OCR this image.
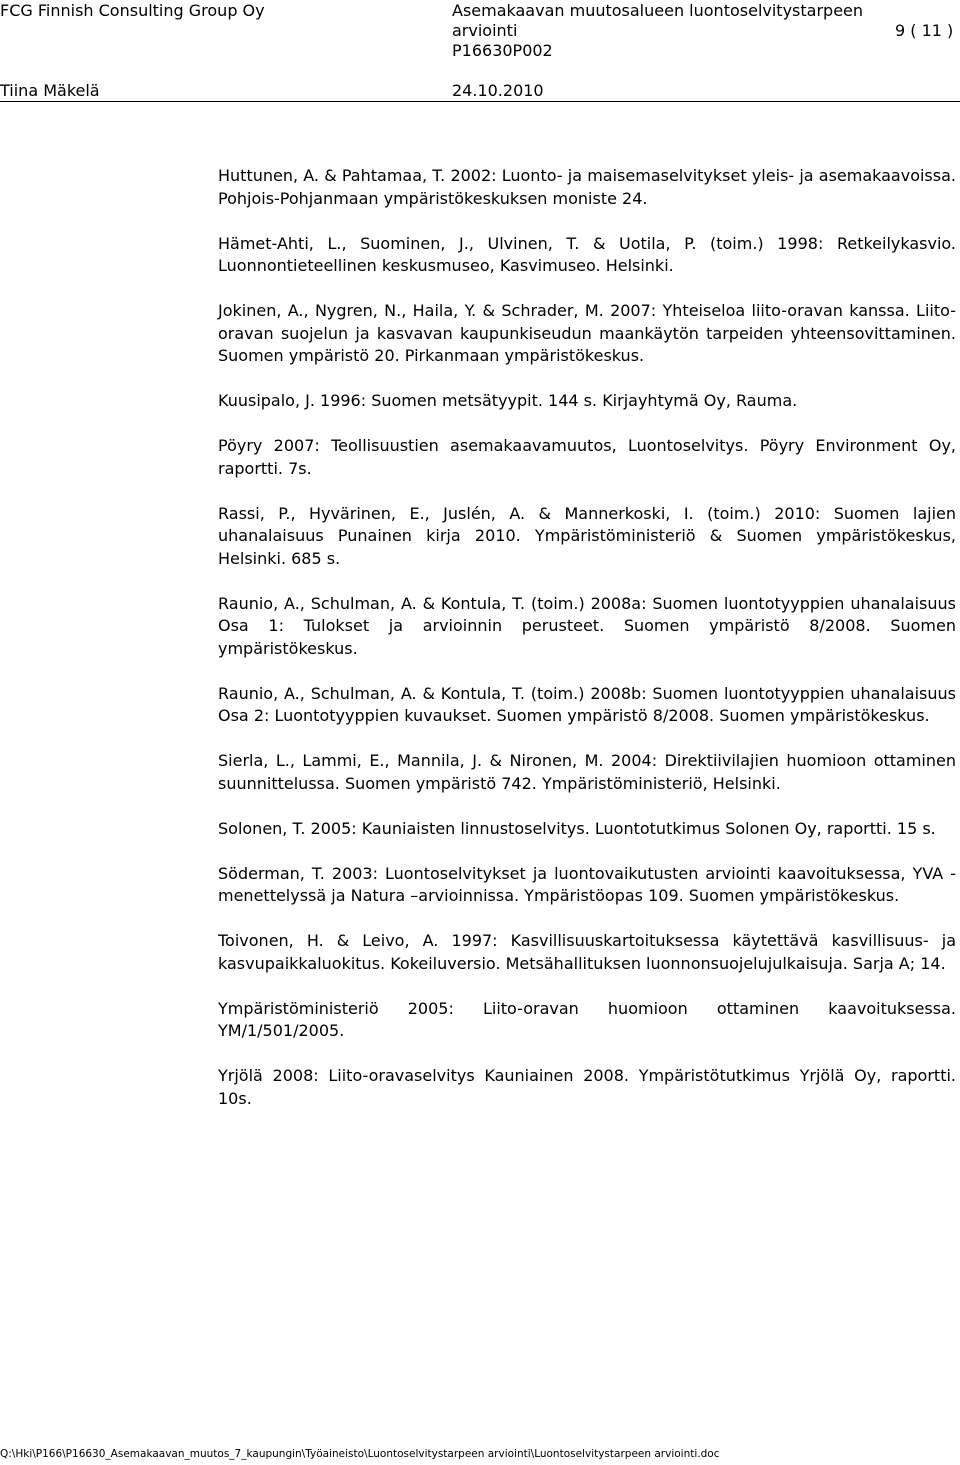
FCG Finnish Consulting Group Oy	Asemakaavan muutosalueen luontoselvitystarpeen
arviointi
P16630P002
9 ( 11 )
Tiina Mäkelä	24.10.2010

Huttunen, A. & Pahtamaa, T. 2002: Luonto- ja maisemaselvitykset yleis- ja asemakaavoissa. Pohjois-Pohjanmaan ympäristökeskuksen moniste 24.

Hämet-Ahti, L., Suominen, J., Ulvinen, T. & Uotila, P. (toim.) 1998: Retkeilykasvio. Luonnontieteellinen keskusmuseo, Kasvimuseo. Helsinki.

Jokinen, A., Nygren, N., Haila, Y. & Schrader, M. 2007: Yhteiseloa liito-oravan kanssa. Liito-oravan suojelun ja kasvavan kaupunkiseudun maankäytön tarpeiden yhteensovittaminen. Suomen ympäristö 20. Pirkanmaan ympäristökeskus.

Kuusipalo, J. 1996: Suomen metsätyypit. 144 s. Kirjayhtymä Oy, Rauma.

Pöyry 2007: Teollisuustien asemakaavamuutos, Luontoselvitys. Pöyry Environment Oy, raportti. 7s.

Rassi, P., Hyvärinen, E., Juslén, A. & Mannerkoski, I. (toim.) 2010: Suomen lajien uhanalaisuus Punainen kirja 2010. Ympäristöministeriö & Suomen ympäristökeskus, Helsinki. 685 s.

Raunio, A., Schulman, A. & Kontula, T. (toim.) 2008a: Suomen luontotyyppien uhanalaisuus Osa 1: Tulokset ja arvioinnin perusteet. Suomen ympäristö 8/2008. Suomen ympäristökeskus.

Raunio, A., Schulman, A. & Kontula, T. (toim.) 2008b: Suomen luontotyyppien uhanalaisuus Osa 2: Luontotyyppien kuvaukset. Suomen ympäristö 8/2008. Suomen ympäristökeskus.

Sierla, L., Lammi, E., Mannila, J. & Nironen, M. 2004: Direktiivilajien huomioon ottaminen suunnittelussa. Suomen ympäristö 742. Ympäristöministeriö, Helsinki.

Solonen, T. 2005: Kauniaisten linnustoselvitys. Luontotutkimus Solonen Oy, raportti. 15 s.

Söderman, T. 2003: Luontoselvitykset ja luontovaikutusten arviointi kaavoituksessa, YVA -menettelyssä ja Natura –arvioinnissa. Ympäristöopas 109. Suomen ympäristökeskus.

Toivonen, H. & Leivo, A. 1997: Kasvillisuuskartoituksessa käytettävä kasvillisuus- ja kasvupaikkaluokitus. Kokeiluversio. Metsähallituksen luonnonsuojelujulkaisuja. Sarja A; 14.

Ympäristöministeriö 2005: Liito-oravan huomioon ottaminen kaavoituksessa. YM/1/501/2005.

Yrjölä 2008: Liito-oravaselvitys Kauniainen 2008. Ympäristötutkimus Yrjölä Oy, raportti. 10s.

Q:\Hki\P166\P16630_Asemakaavan_muutos_7_kaupungin\Työaineisto\Luontoselvitystarpeen arviointi\Luontoselvitystarpeen arviointi.doc
